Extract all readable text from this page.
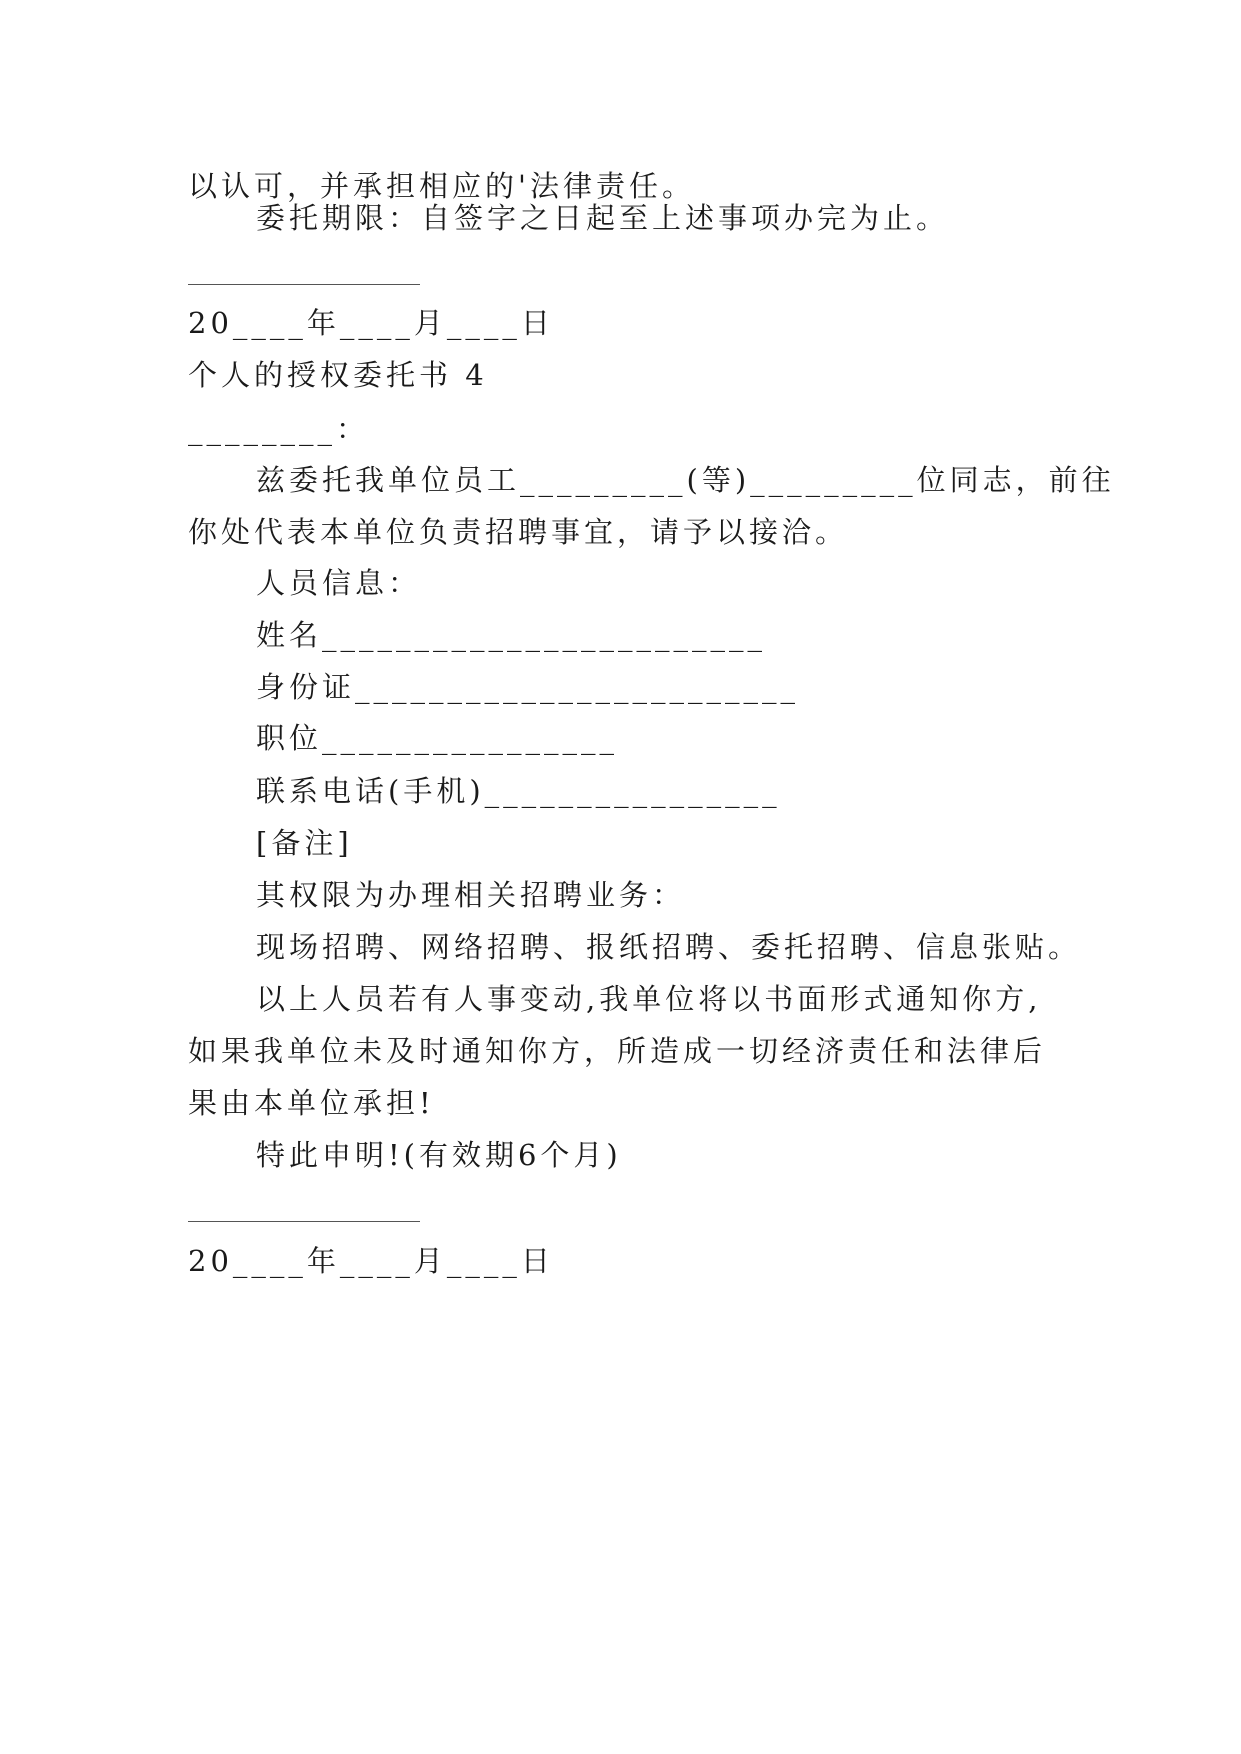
以认可，并承担相应的'法律责任。
委托期限：自签字之日起至上述事项办完为止。
20____年____月____日
个人的授权委托书 4
________：
兹委托我单位员工_________(等)_________位同志，前往
你处代表本单位负责招聘事宜，请予以接洽。
人员信息：
姓名________________________
身份证________________________
职位________________
联系电话(手机)________________
[备注]
其权限为办理相关招聘业务：
现场招聘、网络招聘、报纸招聘、委托招聘、信息张贴。
以上人员若有人事变动,我单位将以书面形式通知你方,
如果我单位未及时通知你方，所造成一切经济责任和法律后
果由本单位承担!
特此申明!(有效期6个月)
20____年____月____日
